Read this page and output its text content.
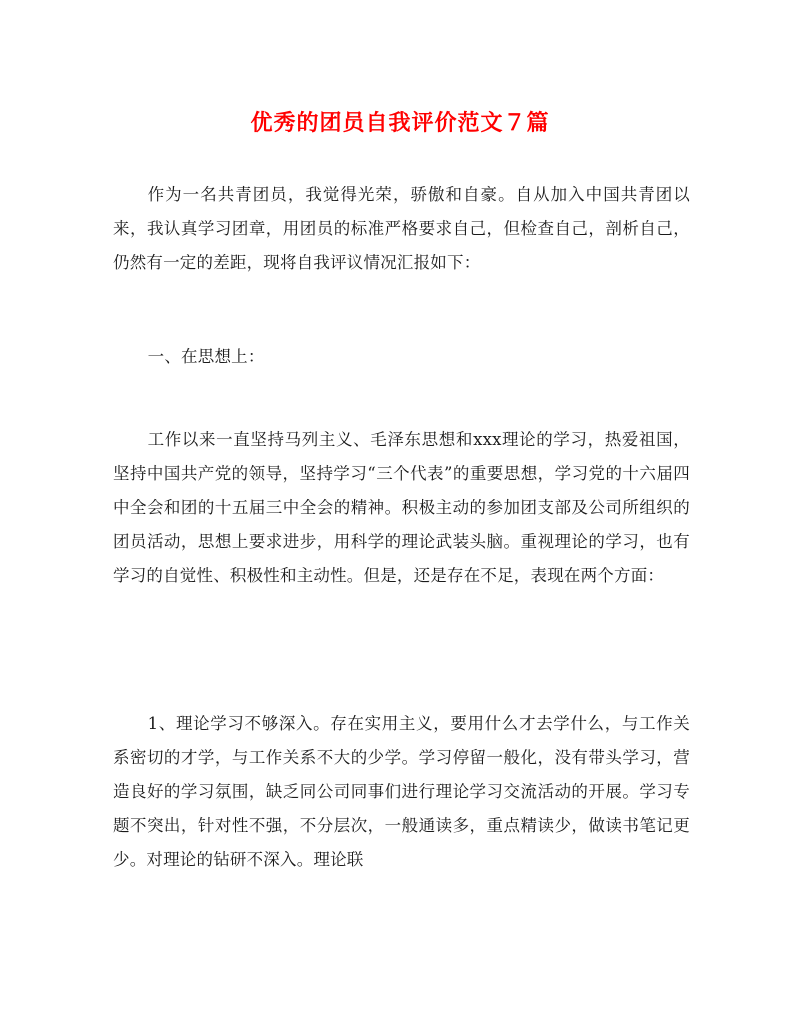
优秀的团员自我评价范文７篇

作为一名共青团员，我觉得光荣，骄傲和自豪。自从加入中国共青团以来，我认真学习团章，用团员的标准严格要求自己，但检查自己，剖析自己，仍然有一定的差距，现将自我评议情况汇报如下：

一、在思想上：

工作以来一直坚持马列主义、毛泽东思想和xxx理论的学习，热爱祖国，坚持中国共产党的领导，坚持学习“三个代表”的重要思想，学习党的十六届四中全会和团的十五届三中全会的精神。积极主动的参加团支部及公司所组织的团员活动，思想上要求进步，用科学的理论武装头脑。重视理论的学习，也有学习的自觉性、积极性和主动性。但是，还是存在不足，表现在两个方面：

1、理论学习不够深入。存在实用主义，要用什么才去学什么，与工作关系密切的才学，与工作关系不大的少学。学习停留一般化，没有带头学习，营造良好的学习氛围，缺乏同公司同事们进行理论学习交流活动的开展。学习专题不突出，针对性不强，不分层次，一般通读多，重点精读少，做读书笔记更少。对理论的钻研不深入。理论联
